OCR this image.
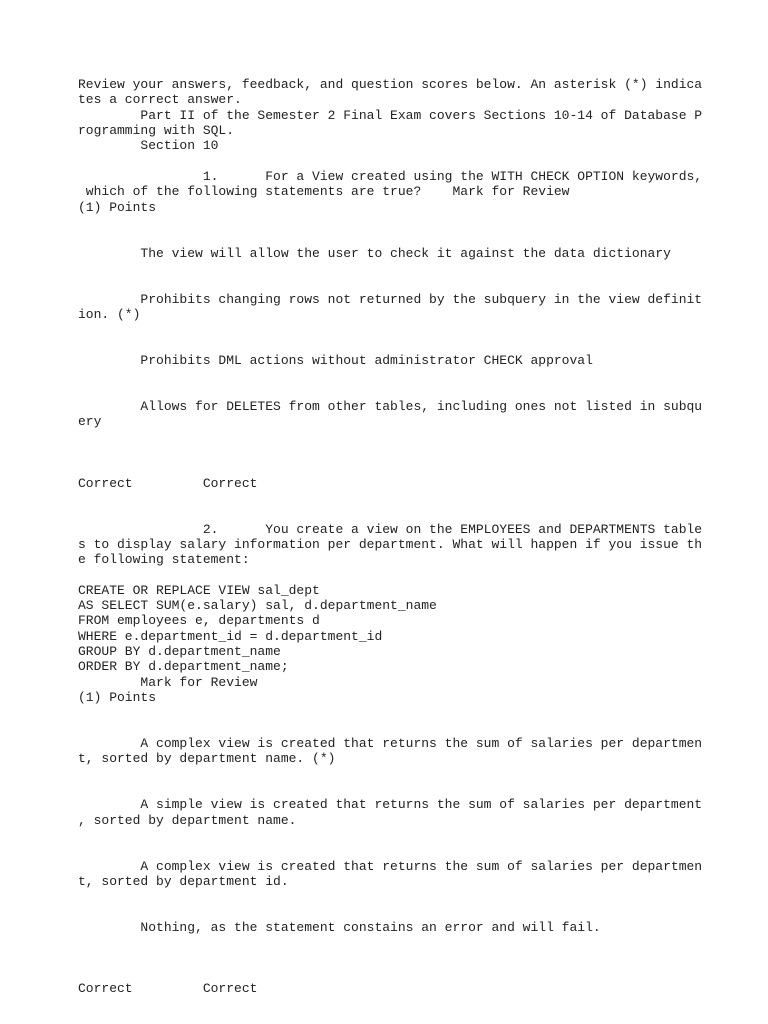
Review your answers, feedback, and question scores below. An asterisk (*) indica
tes a correct answer.
Part II of the Semester 2 Final Exam covers Sections 10-14 of Database P
rogramming with SQL.
Section 10
1.      For a View created using the WITH CHECK OPTION keywords,
which of the following statements are true?    Mark for Review
(1) Points
The view will allow the user to check it against the data dictionary
Prohibits changing rows not returned by the subquery in the view definit
ion. (*)
Prohibits DML actions without administrator CHECK approval
Allows for DELETES from other tables, including ones not listed in subqu
ery
Correct         Correct
2.      You create a view on the EMPLOYEES and DEPARTMENTS table
s to display salary information per department. What will happen if you issue th
e following statement:
CREATE OR REPLACE VIEW sal_dept
AS SELECT SUM(e.salary) sal, d.department_name
FROM employees e, departments d
WHERE e.department_id = d.department_id
GROUP BY d.department_name
ORDER BY d.department_name;
Mark for Review
(1) Points
A complex view is created that returns the sum of salaries per departmen
t, sorted by department name. (*)
A simple view is created that returns the sum of salaries per department
, sorted by department name.
A complex view is created that returns the sum of salaries per departmen
t, sorted by department id.
Nothing, as the statement constains an error and will fail.
Correct         Correct
